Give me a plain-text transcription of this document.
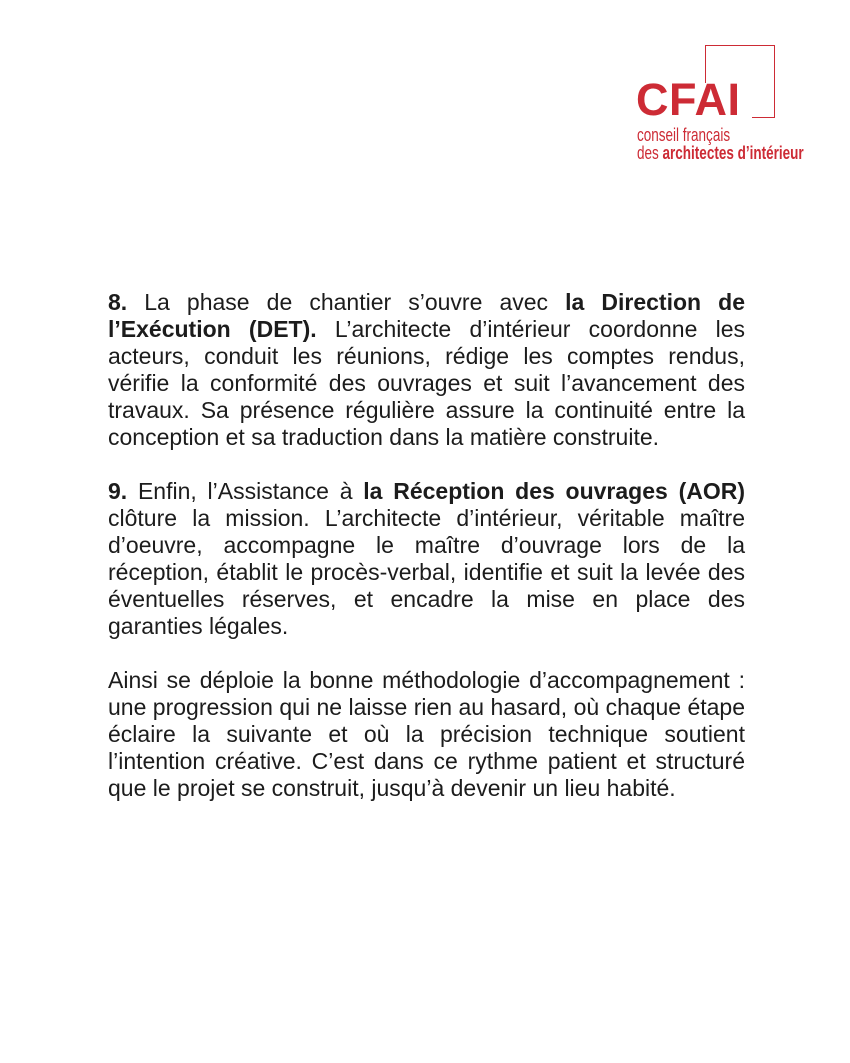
CFAI
conseil français
des architectes d’intérieur

8. La phase de chantier s’ouvre avec la Direction de l’Exécution (DET). L’architecte d’intérieur coordonne les acteurs, conduit les réunions, rédige les comptes rendus, vérifie la conformité des ouvrages et suit l’avancement des travaux. Sa présence régulière assure la continuité entre la conception et sa traduction dans la matière construite.

9. Enfin, l’Assistance à la Réception des ouvrages (AOR) clôture la mission. L’architecte d’intérieur, véritable maître d’oeuvre, accompagne le maître d’ouvrage lors de la réception, établit le procès-verbal, identifie et suit la levée des éventuelles réserves, et encadre la mise en place des garanties légales.

Ainsi se déploie la bonne méthodologie d’accompagnement : une progression qui ne laisse rien au hasard, où chaque étape éclaire la suivante et où la précision technique soutient l’intention créative. C’est dans ce rythme patient et structuré que le projet se construit, jusqu’à devenir un lieu habité.
